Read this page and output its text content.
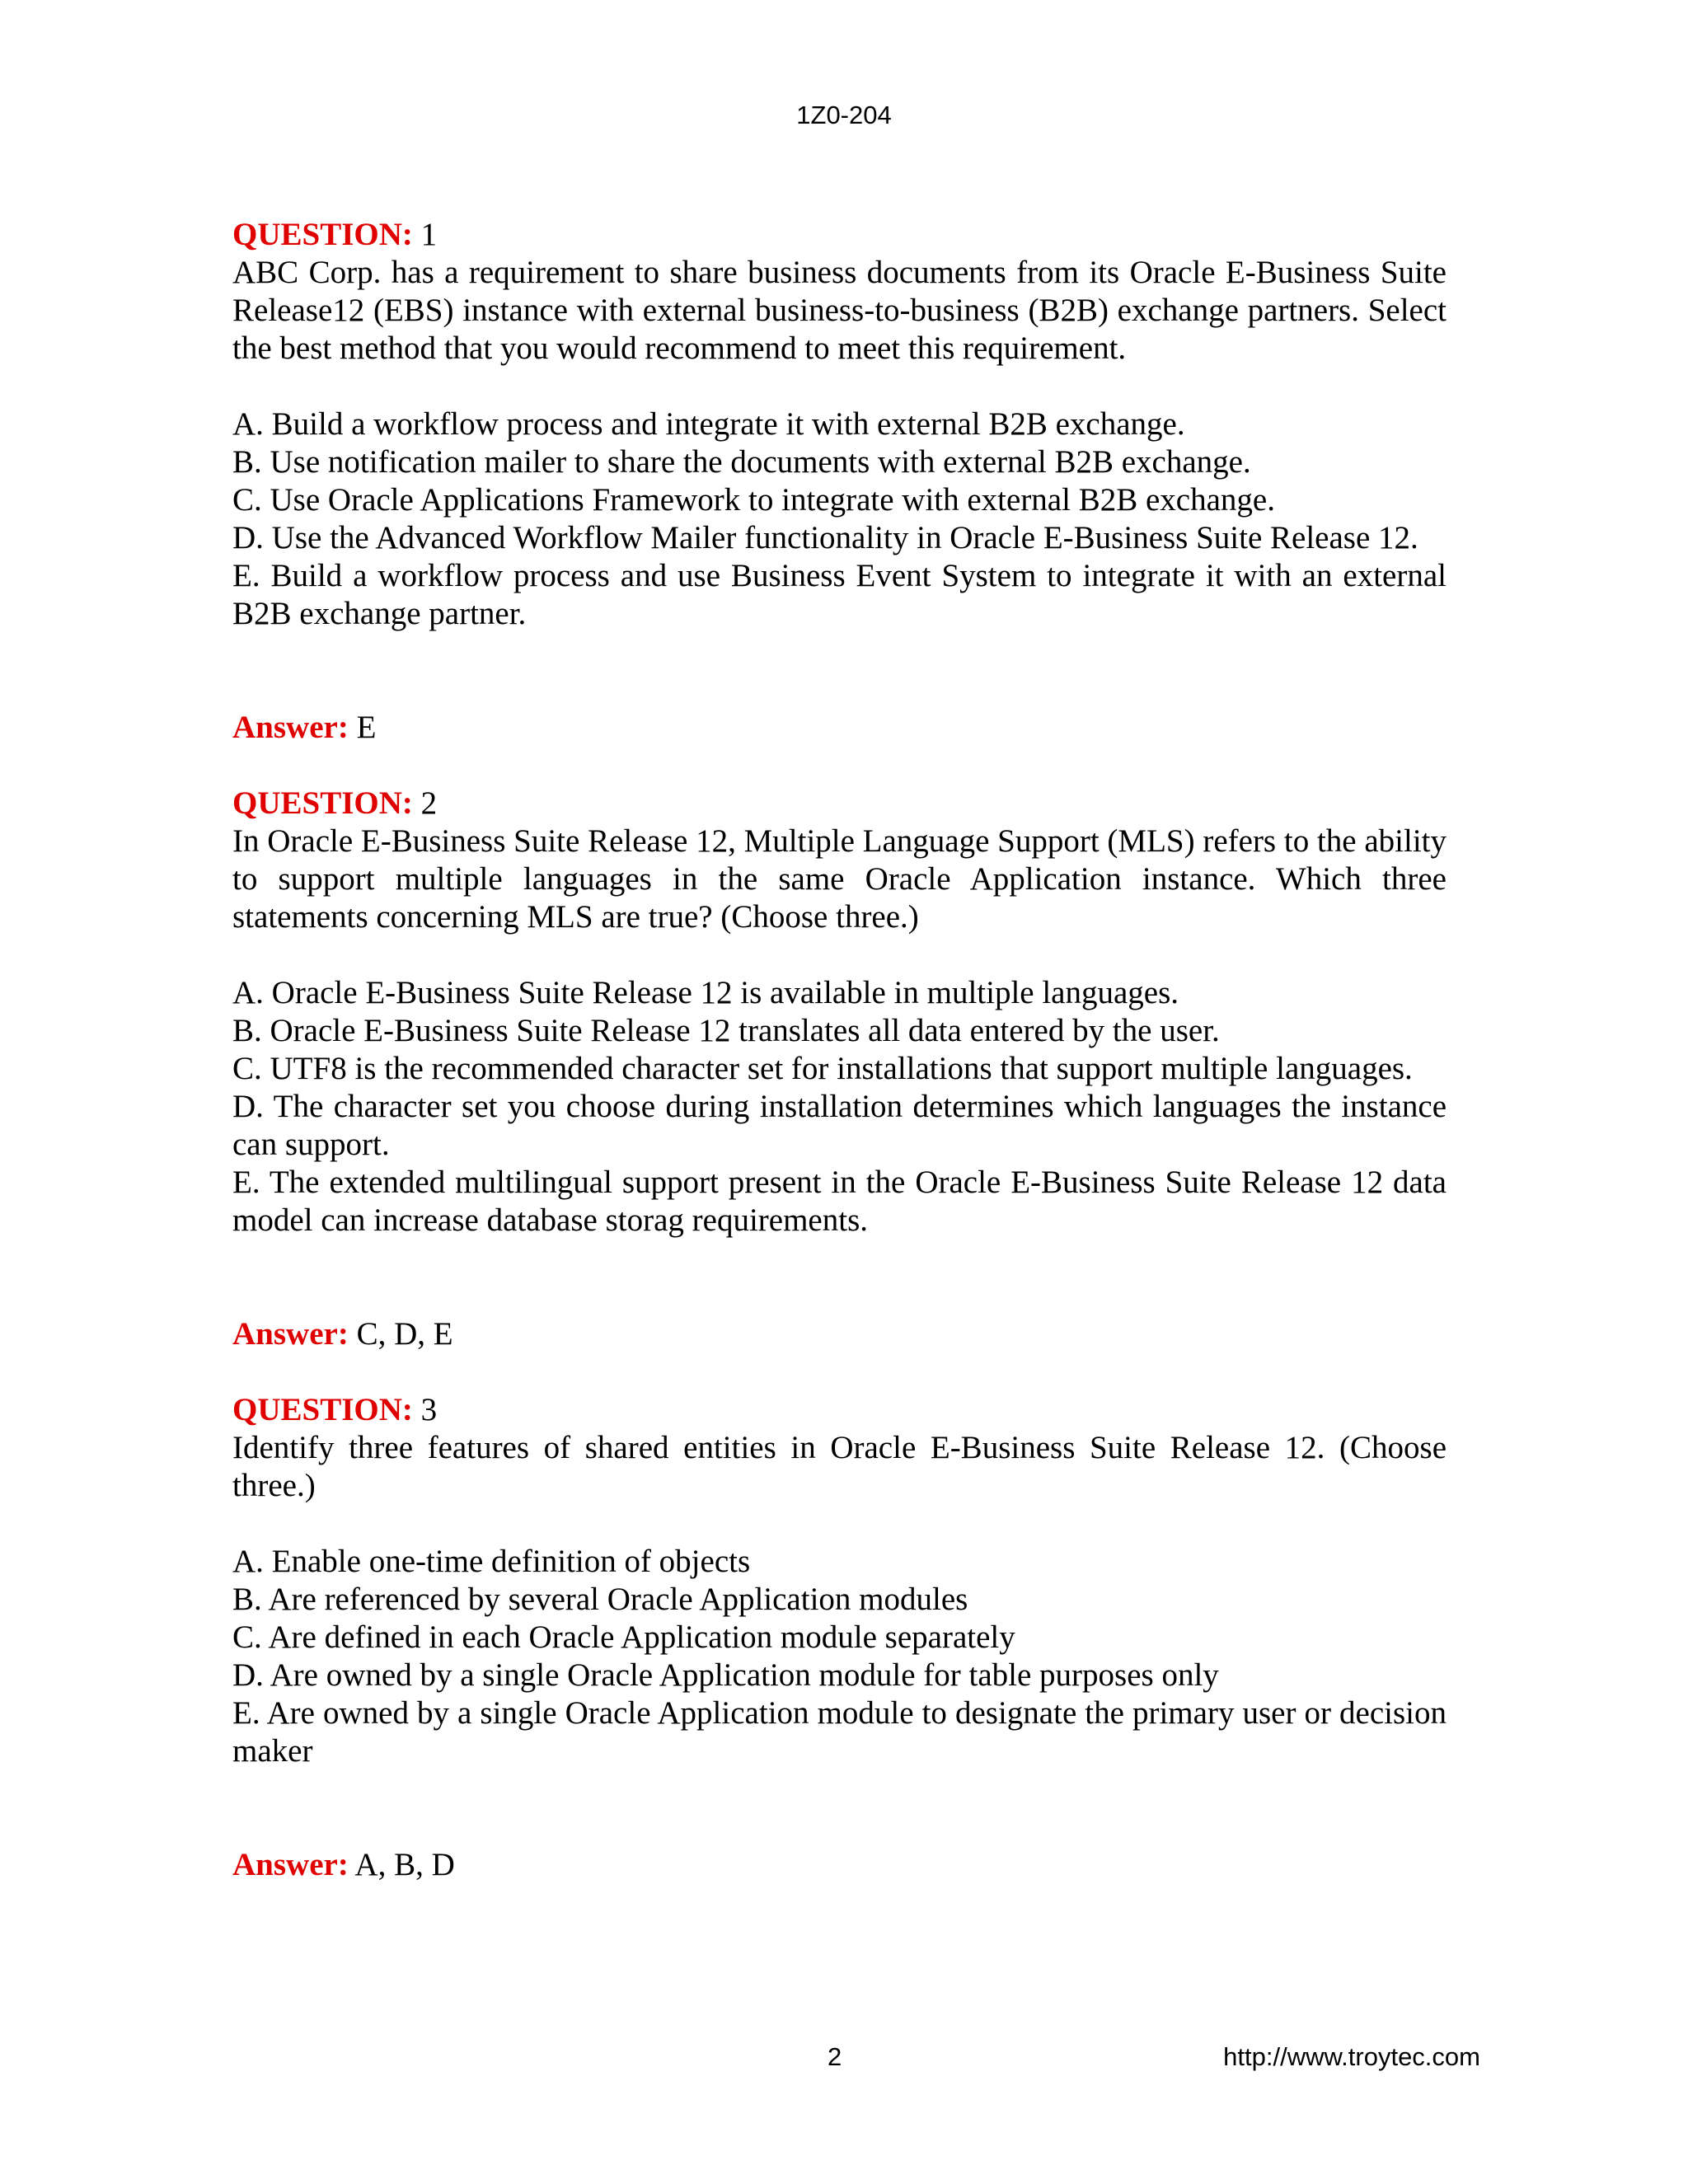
1Z0-204

QUESTION: 1

ABC Corp. has a requirement to share business documents from its Oracle E-Business Suite Release12 (EBS) instance with external business-to-business (B2B) exchange partners. Select the best method that you would recommend to meet this requirement.

A. Build a workflow process and integrate it with external B2B exchange.

B. Use notification mailer to share the documents with external B2B exchange.

C. Use Oracle Applications Framework to integrate with external B2B exchange.

D. Use the Advanced Workflow Mailer functionality in Oracle E-Business Suite Release 12.

E. Build a workflow process and use Business Event System to integrate it with an external B2B exchange partner.

Answer: E

QUESTION: 2

In Oracle E-Business Suite Release 12, Multiple Language Support (MLS) refers to the ability to support multiple languages in the same Oracle Application instance. Which three statements concerning MLS are true? (Choose three.)

A. Oracle E-Business Suite Release 12 is available in multiple languages.

B. Oracle E-Business Suite Release 12 translates all data entered by the user.

C. UTF8 is the recommended character set for installations that support multiple languages.

D. The character set you choose during installation determines which languages the instance can support.

E. The extended multilingual support present in the Oracle E-Business Suite Release 12 data model can increase database storag requirements.

Answer: C, D, E

QUESTION: 3

Identify three features of shared entities in Oracle E-Business Suite Release 12. (Choose three.)

A. Enable one-time definition of objects

B. Are referenced by several Oracle Application modules

C. Are defined in each Oracle Application module separately

D. Are owned by a single Oracle Application module for table purposes only

E. Are owned by a single Oracle Application module to designate the primary user or decision maker

Answer: A, B, D

2	http://www.troytec.com
